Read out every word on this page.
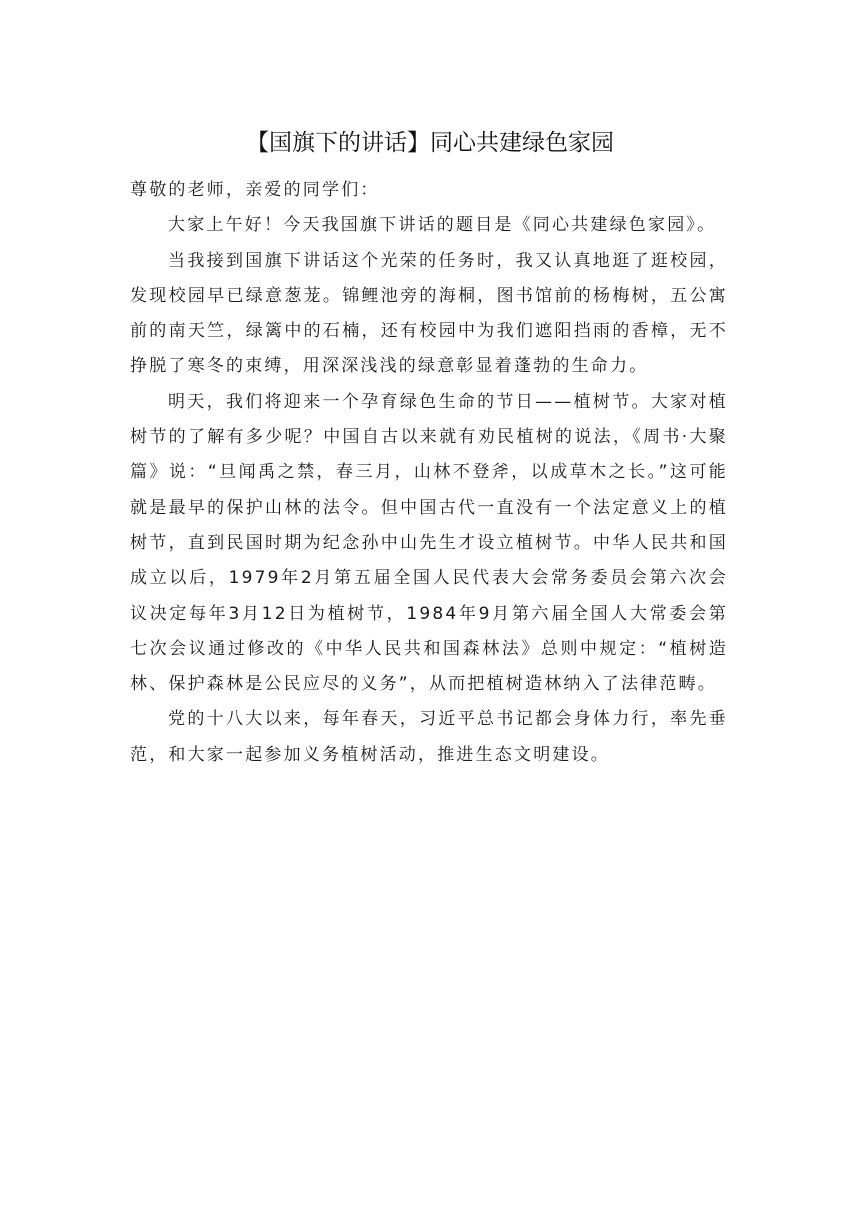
【国旗下的讲话】同心共建绿色家园

尊敬的老师，亲爱的同学们：

大家上午好！今天我国旗下讲话的题目是《同心共建绿色家园》。

当我接到国旗下讲话这个光荣的任务时，我又认真地逛了逛校园，发现校园早已绿意葱茏。锦鲤池旁的海桐，图书馆前的杨梅树，五公寓前的南天竺，绿篱中的石楠，还有校园中为我们遮阳挡雨的香樟，无不挣脱了寒冬的束缚，用深深浅浅的绿意彰显着蓬勃的生命力。

明天，我们将迎来一个孕育绿色生命的节日——植树节。大家对植树节的了解有多少呢？中国自古以来就有劝民植树的说法，《周书·大聚篇》说：“旦闻禹之禁，春三月，山林不登斧，以成草木之长。”这可能就是最早的保护山林的法令。但中国古代一直没有一个法定意义上的植树节，直到民国时期为纪念孙中山先生才设立植树节。中华人民共和国成立以后，1979年2月第五届全国人民代表大会常务委员会第六次会议决定每年3月12日为植树节，1984年9月第六届全国人大常委会第七次会议通过修改的《中华人民共和国森林法》总则中规定：“植树造林、保护森林是公民应尽的义务”，从而把植树造林纳入了法律范畴。

党的十八大以来，每年春天，习近平总书记都会身体力行，率先垂范，和大家一起参加义务植树活动，推进生态文明建设。
